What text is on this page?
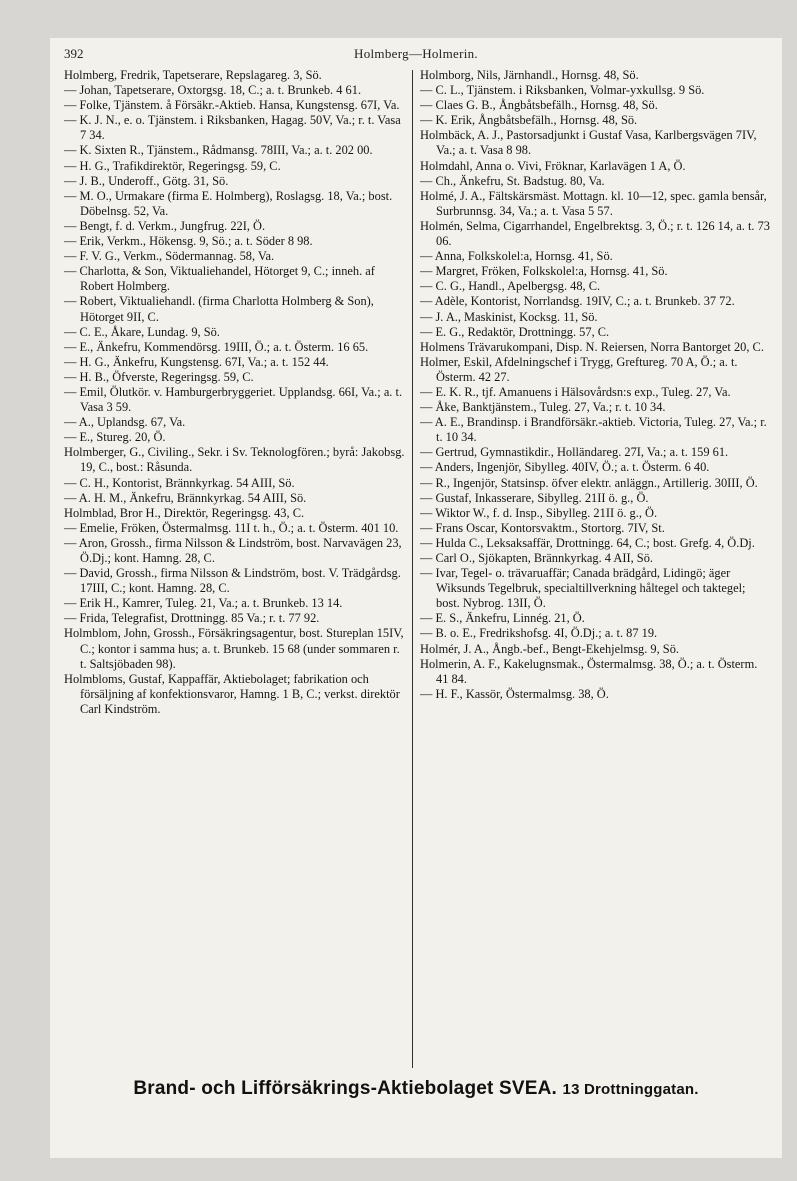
392	Holmberg—Holmerin.

Holmberg, Fredrik, Tapetserare, Repslagareg. 3, Sö.

— Johan, Tapetserare, Oxtorgsg. 18, C.; a. t. Brunkeb. 4 61.

— Folke, Tjänstem. å Försäkr.-Aktieb. Hansa, Kungstensg. 67I, Va.

— K. J. N., e. o. Tjänstem. i Riksbanken, Hagag. 50V, Va.; r. t. Vasa 7 34.

— K. Sixten R., Tjänstem., Rådmansg. 78III, Va.; a. t. 202 00.

— H. G., Trafikdirektör, Regeringsg. 59, C.

— J. B., Underoff., Götg. 31, Sö.

— M. O., Urmakare (firma E. Holmberg), Roslagsg. 18, Va.; bost. Döbelnsg. 52, Va.

— Bengt, f. d. Verkm., Jungfrug. 22I, Ö.

— Erik, Verkm., Hökensg. 9, Sö.; a. t. Söder 8 98.

— F. V. G., Verkm., Södermannag. 58, Va.

— Charlotta, & Son, Viktualiehandel, Hötorget 9, C.; inneh. af Robert Holmberg.

— Robert, Viktualiehandl. (firma Charlotta Holmberg & Son), Hötorget 9II, C.

— C. E., Åkare, Lundag. 9, Sö.

— E., Änkefru, Kommendörsg. 19III, Ö.; a. t. Österm. 16 65.

— H. G., Änkefru, Kungstensg. 67I, Va.; a. t. 152 44.

— H. B., Öfverste, Regeringsg. 59, C.

— Emil, Ölutkör. v. Hamburgerbryggeriet. Upplandsg. 66I, Va.; a. t. Vasa 3 59.

— A., Uplandsg. 67, Va.

— E., Stureg. 20, Ö.

Holmberger, G., Civiling., Sekr. i Sv. Teknologfören.; byrå: Jakobsg. 19, C., bost.: Råsunda.

— C. H., Kontorist, Brännkyrkag. 54 AIII, Sö.

— A. H. M., Änkefru, Brännkyrkag. 54 AIII, Sö.

Holmblad, Bror H., Direktör, Regeringsg. 43, C.

— Emelie, Fröken, Östermalmsg. 11I t. h., Ö.; a. t. Österm. 401 10.

— Aron, Grossh., firma Nilsson & Lindström, bost. Narvavägen 23, Ö.Dj.; kont. Hamng. 28, C.

— David, Grossh., firma Nilsson & Lindström, bost. V. Trädgårdsg. 17III, C.; kont. Hamng. 28, C.

— Erik H., Kamrer, Tuleg. 21, Va.; a. t. Brunkeb. 13 14.

— Frida, Telegrafist, Drottningg. 85 Va.; r. t. 77 92.

Holmblom, John, Grossh., Försäkringsagentur, bost. Stureplan 15IV, C.; kontor i samma hus; a. t. Brunkeb. 15 68 (under sommaren r. t. Saltsjöbaden 98).

Holmbloms, Gustaf, Kappaffär, Aktiebolaget; fabrikation och försäljning af konfektionsvaror, Hamng. 1 B, C.; verkst. direktör Carl Kindström.

Holmborg, Nils, Järnhandl., Hornsg. 48, Sö.

— C. L., Tjänstem. i Riksbanken, Volmar-yxkullsg. 9 Sö.

— Claes G. B., Ångbåtsbefälh., Hornsg. 48, Sö.

— K. Erik, Ångbåtsbefälh., Hornsg. 48, Sö.

Holmbäck, A. J., Pastorsadjunkt i Gustaf Vasa, Karlbergsvägen 7IV, Va.; a. t. Vasa 8 98.

Holmdahl, Anna o. Vivi, Fröknar, Karlavägen 1 A, Ö.

— Ch., Änkefru, St. Badstug. 80, Va.

Holmé, J. A., Fältskärsmäst. Mottagn. kl. 10—12, spec. gamla bensår, Surbrunnsg. 34, Va.; a. t. Vasa 5 57.

Holmén, Selma, Cigarrhandel, Engelbrektsg. 3, Ö.; r. t. 126 14, a. t. 73 06.

— Anna, Folkskolel:a, Hornsg. 41, Sö.

— Margret, Fröken, Folkskolel:a, Hornsg. 41, Sö.

— C. G., Handl., Apelbergsg. 48, C.

— Adèle, Kontorist, Norrlandsg. 19IV, C.; a. t. Brunkeb. 37 72.

— J. A., Maskinist, Kocksg. 11, Sö.

— E. G., Redaktör, Drottningg. 57, C.

Holmens Trävarukompani, Disp. N. Reiersen, Norra Bantorget 20, C.

Holmer, Eskil, Afdelningschef i Trygg, Greftureg. 70 A, Ö.; a. t. Österm. 42 27.

— E. K. R., tjf. Amanuens i Hälsovårdsn:s exp., Tuleg. 27, Va.

— Åke, Banktjänstem., Tuleg. 27, Va.; r. t. 10 34.

— A. E., Brandinsp. i Brandförsäkr.-aktieb. Victoria, Tuleg. 27, Va.; r. t. 10 34.

— Gertrud, Gymnastikdir., Holländareg. 27I, Va.; a. t. 159 61.

— Anders, Ingenjör, Sibylleg. 40IV, Ö.; a. t. Österm. 6 40.

— R., Ingenjör, Statsinsp. öfver elektr. anläggn., Artillerig. 30III, Ö.

— Gustaf, Inkasserare, Sibylleg. 21II ö. g., Ö.

— Wiktor W., f. d. Insp., Sibylleg. 21II ö. g., Ö.

— Frans Oscar, Kontorsvaktm., Stortorg. 7IV, St.

— Hulda C., Leksaksaffär, Drottningg. 64, C.; bost. Grefg. 4, Ö.Dj.

— Carl O., Sjökapten, Brännkyrkag. 4 AII, Sö.

— Ivar, Tegel- o. trävaruaffär; Canada brädgård, Lidingö; äger Wiksunds Tegelbruk, specialtillverkning håltegel och taktegel; bost. Nybrog. 13II, Ö.

— E. S., Änkefru, Linnég. 21, Ö.

— B. o. E., Fredrikshofsg. 4I, Ö.Dj.; a. t. 87 19.

Holmér, J. A., Ångb.-bef., Bengt-Ekehjelmsg. 9, Sö.

Holmerin, A. F., Kakelugnsmak., Östermalmsg. 38, Ö.; a. t. Österm. 41 84.

— H. F., Kassör, Östermalmsg. 38, Ö.

Brand- och Lifförsäkrings-Aktiebolaget SVEA. 13 Drottninggatan.
